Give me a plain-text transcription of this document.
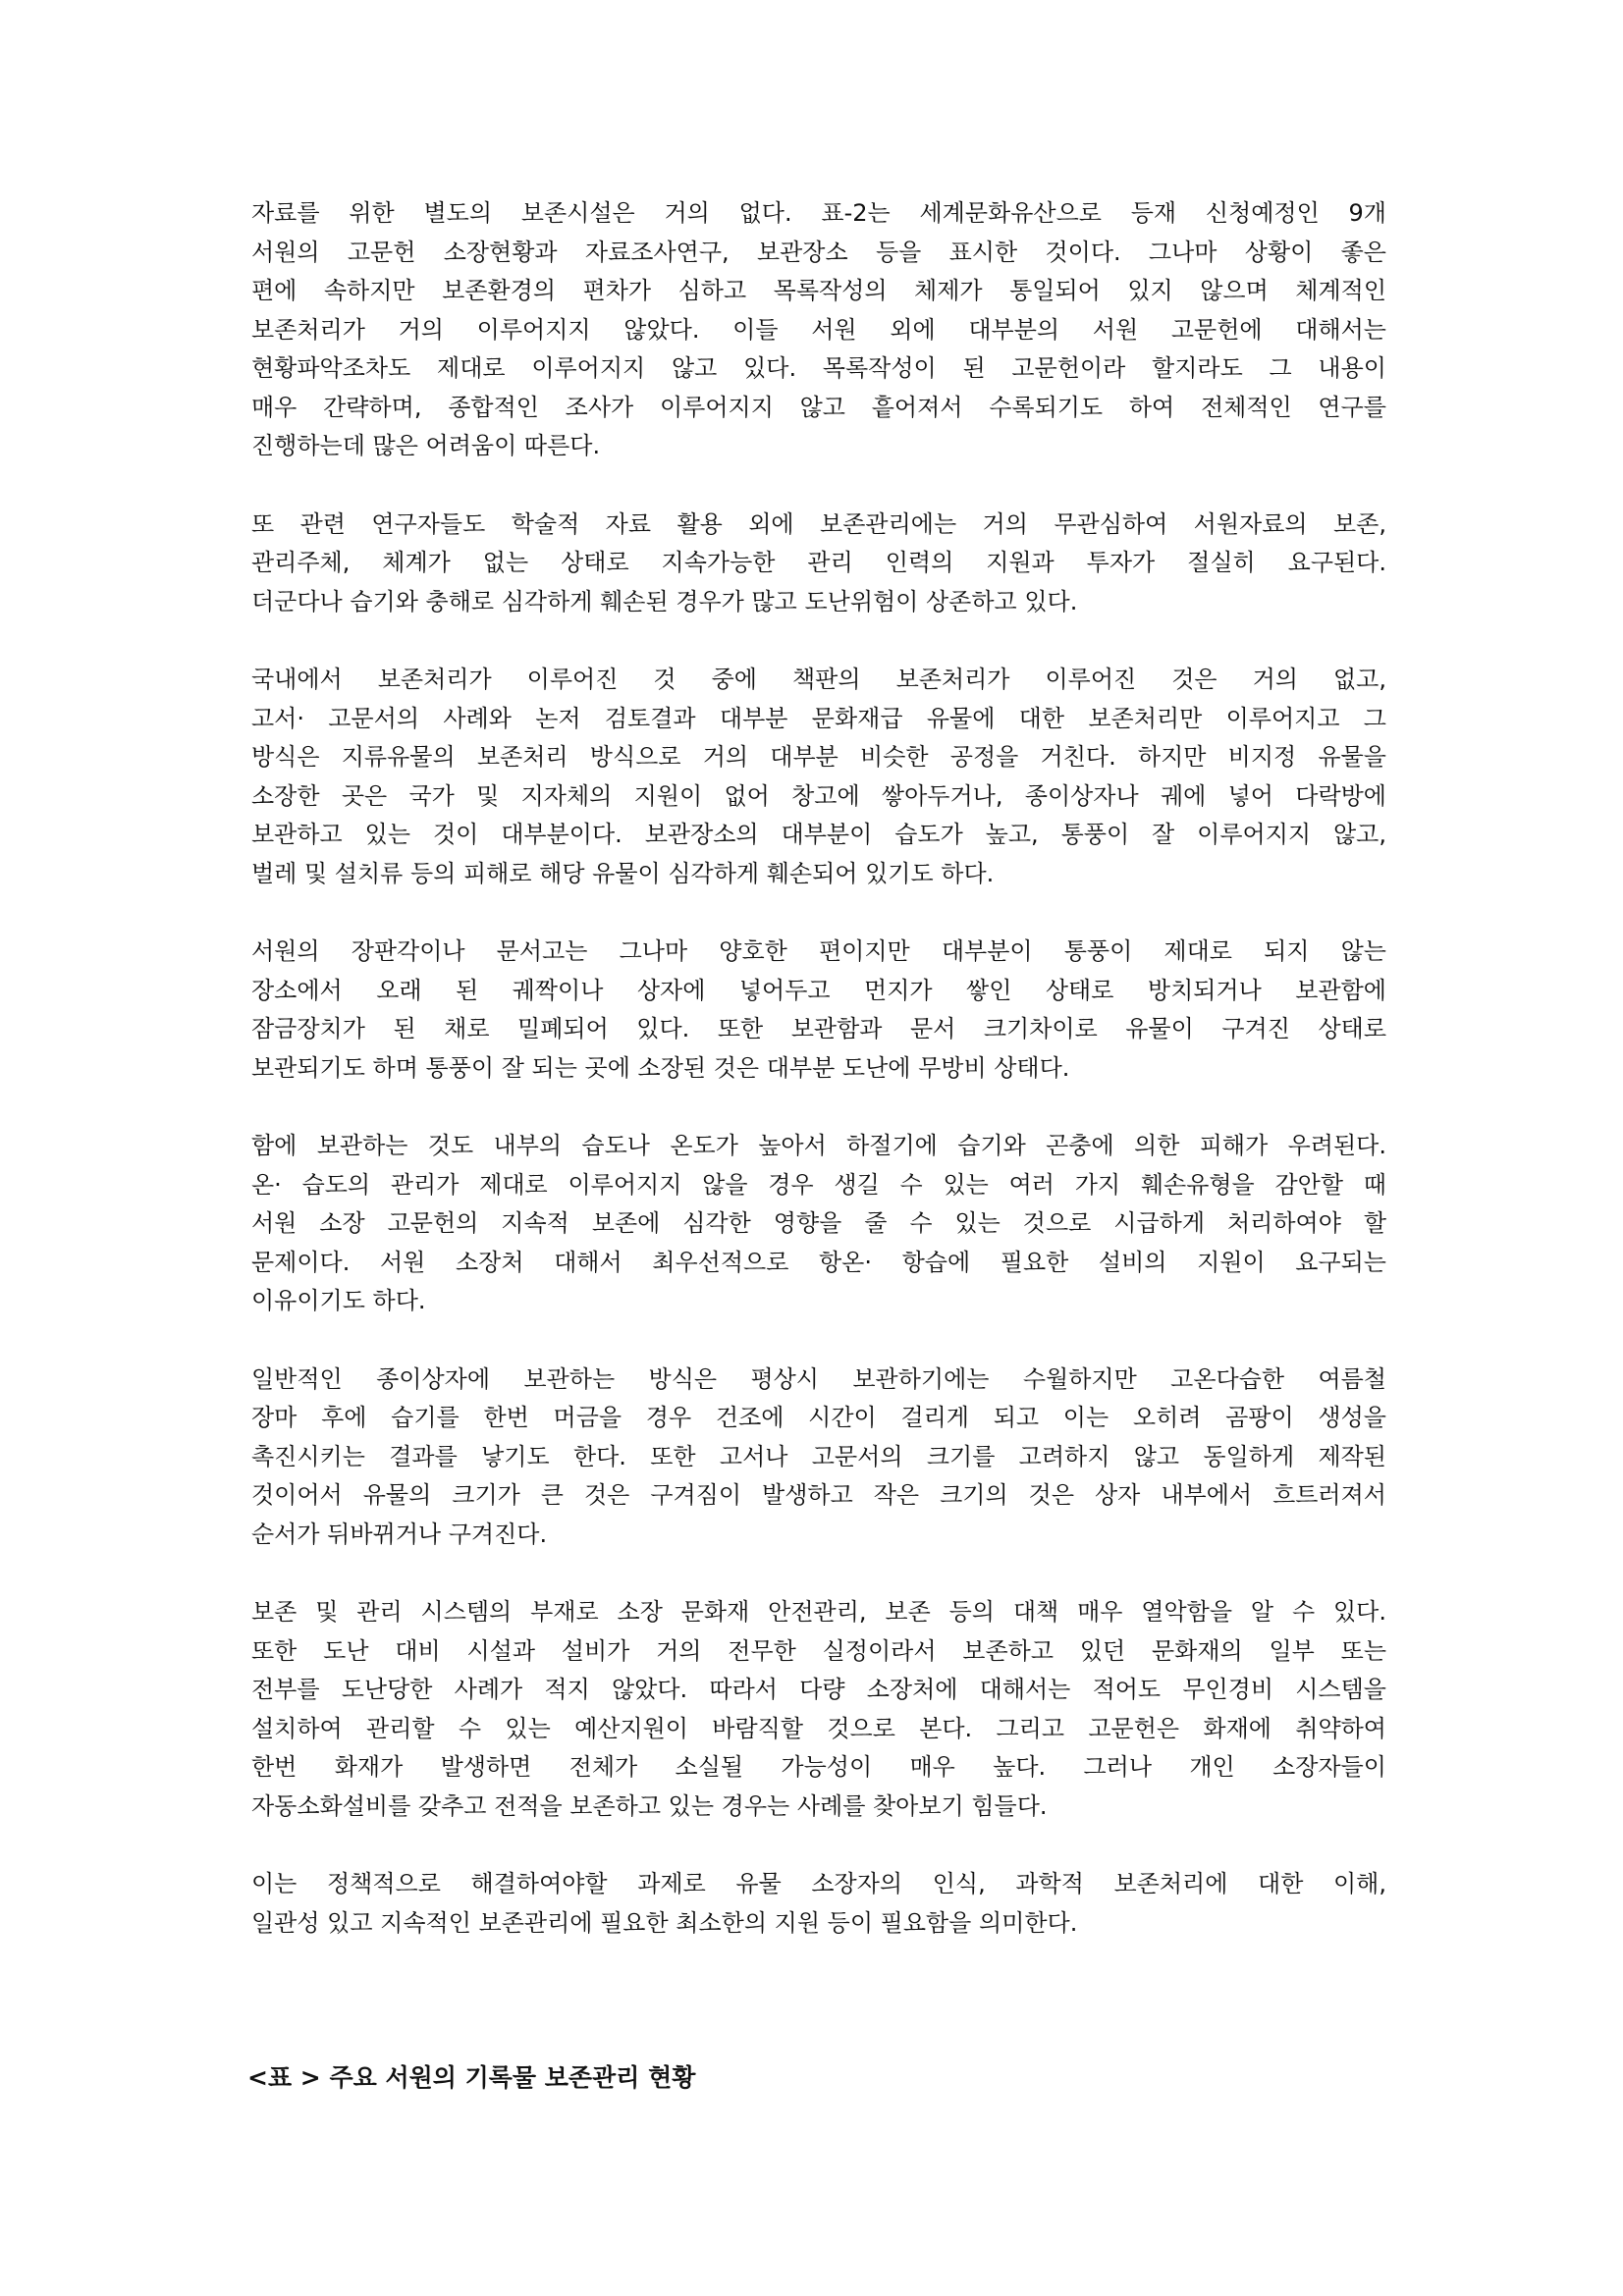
자료를 위한 별도의 보존시설은 거의 없다. 표-2는 세계문화유산으로 등재 신청예정인 9개
서원의 고문헌 소장현황과 자료조사연구, 보관장소 등을 표시한 것이다. 그나마 상황이 좋은
편에 속하지만 보존환경의 편차가 심하고 목록작성의 체제가 통일되어 있지 않으며 체계적인
보존처리가 거의 이루어지지 않았다. 이들 서원 외에 대부분의 서원 고문헌에 대해서는
현황파악조차도 제대로 이루어지지 않고 있다. 목록작성이 된 고문헌이라 할지라도 그 내용이
매우 간략하며, 종합적인 조사가 이루어지지 않고 흩어져서 수록되기도 하여 전체적인 연구를
진행하는데 많은 어려움이 따른다.
또 관련 연구자들도 학술적 자료 활용 외에 보존관리에는 거의 무관심하여 서원자료의 보존,
관리주체, 체계가 없는 상태로 지속가능한 관리 인력의 지원과 투자가 절실히 요구된다.
더군다나 습기와 충해로 심각하게 훼손된 경우가 많고 도난위험이 상존하고 있다.
국내에서 보존처리가 이루어진 것 중에 책판의 보존처리가 이루어진 것은 거의 없고,
고서· 고문서의 사례와 논저 검토결과 대부분 문화재급 유물에 대한 보존처리만 이루어지고 그
방식은 지류유물의 보존처리 방식으로 거의 대부분 비슷한 공정을 거친다. 하지만 비지정 유물을
소장한 곳은 국가 및 지자체의 지원이 없어 창고에 쌓아두거나, 종이상자나 궤에 넣어 다락방에
보관하고 있는 것이 대부분이다. 보관장소의 대부분이 습도가 높고, 통풍이 잘 이루어지지 않고,
벌레 및 설치류 등의 피해로 해당 유물이 심각하게 훼손되어 있기도 하다.
서원의 장판각이나 문서고는 그나마 양호한 편이지만 대부분이 통풍이 제대로 되지 않는
장소에서 오래 된 궤짝이나 상자에 넣어두고 먼지가 쌓인 상태로 방치되거나 보관함에
잠금장치가 된 채로 밀폐되어 있다. 또한 보관함과 문서 크기차이로 유물이 구겨진 상태로
보관되기도 하며 통풍이 잘 되는 곳에 소장된 것은 대부분 도난에 무방비 상태다.
함에 보관하는 것도 내부의 습도나 온도가 높아서 하절기에 습기와 곤충에 의한 피해가 우려된다.
온· 습도의 관리가 제대로 이루어지지 않을 경우 생길 수 있는 여러 가지 훼손유형을 감안할 때
서원 소장 고문헌의 지속적 보존에 심각한 영향을 줄 수 있는 것으로 시급하게 처리하여야 할
문제이다. 서원 소장처 대해서 최우선적으로 항온· 항습에 필요한 설비의 지원이 요구되는
이유이기도 하다.
일반적인 종이상자에 보관하는 방식은 평상시 보관하기에는 수월하지만 고온다습한 여름철
장마 후에 습기를 한번 머금을 경우 건조에 시간이 걸리게 되고 이는 오히려 곰팡이 생성을
촉진시키는 결과를 낳기도 한다. 또한 고서나 고문서의 크기를 고려하지 않고 동일하게 제작된
것이어서 유물의 크기가 큰 것은 구겨짐이 발생하고 작은 크기의 것은 상자 내부에서 흐트러져서
순서가 뒤바뀌거나 구겨진다.
보존 및 관리 시스템의 부재로 소장 문화재 안전관리, 보존 등의 대책 매우 열악함을 알 수 있다.
또한 도난 대비 시설과 설비가 거의 전무한 실정이라서 보존하고 있던 문화재의 일부 또는
전부를 도난당한 사례가 적지 않았다. 따라서 다량 소장처에 대해서는 적어도 무인경비 시스템을
설치하여 관리할 수 있는 예산지원이 바람직할 것으로 본다. 그리고 고문헌은 화재에 취약하여
한번 화재가 발생하면 전체가 소실될 가능성이 매우 높다. 그러나 개인 소장자들이
자동소화설비를 갖추고 전적을 보존하고 있는 경우는 사례를 찾아보기 힘들다.
이는 정책적으로 해결하여야할 과제로 유물 소장자의 인식, 과학적 보존처리에 대한 이해,
일관성 있고 지속적인 보존관리에 필요한 최소한의 지원 등이 필요함을 의미한다.
<표 > 주요 서원의 기록물 보존관리 현황
